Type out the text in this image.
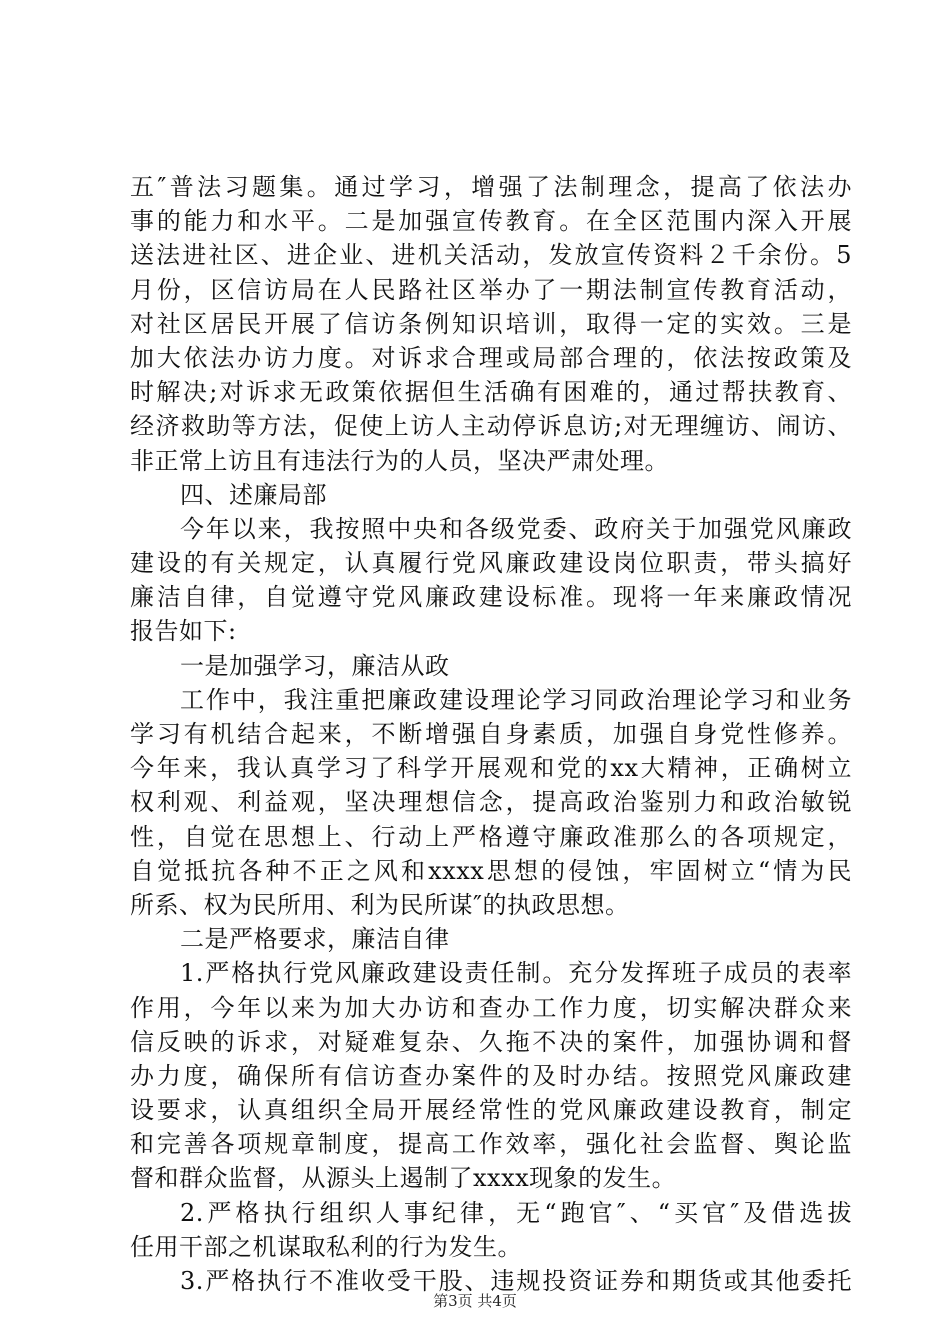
五″普法习题集。通过学习，增强了法制理念，提高了依法办
事的能力和水平。二是加强宣传教育。在全区范围内深入开展
送法进社区、进企业、进机关活动，发放宣传资料２千余份。5
月份，区信访局在人民路社区举办了一期法制宣传教育活动，
对社区居民开展了信访条例知识培训，取得一定的实效。三是
加大依法办访力度。对诉求合理或局部合理的，依法按政策及
时解决;对诉求无政策依据但生活确有困难的，通过帮扶教育、
经济救助等方法，促使上访人主动停诉息访;对无理缠访、闹访、
非正常上访且有违法行为的人员，坚决严肃处理。
四、述廉局部
今年以来，我按照中央和各级党委、政府关于加强党风廉政
建设的有关规定，认真履行党风廉政建设岗位职责，带头搞好
廉洁自律，自觉遵守党风廉政建设标准。现将一年来廉政情况
报告如下:
一是加强学习，廉洁从政
工作中，我注重把廉政建设理论学习同政治理论学习和业务
学习有机结合起来，不断增强自身素质，加强自身党性修养。
今年来，我认真学习了科学开展观和党的xx大精神，正确树立
权利观、利益观，坚决理想信念，提高政治鉴别力和政治敏锐
性，自觉在思想上、行动上严格遵守廉政准那么的各项规定，
自觉抵抗各种不正之风和xxxx思想的侵蚀，牢固树立“情为民
所系、权为民所用、利为民所谋″的执政思想。
二是严格要求，廉洁自律
1.严格执行党风廉政建设责任制。充分发挥班子成员的表率
作用，今年以来为加大办访和查办工作力度，切实解决群众来
信反映的诉求，对疑难复杂、久拖不决的案件，加强协调和督
办力度，确保所有信访查办案件的及时办结。按照党风廉政建
设要求，认真组织全局开展经常性的党风廉政建设教育，制定
和完善各项规章制度，提高工作效率，强化社会监督、舆论监
督和群众监督，从源头上遏制了xxxx现象的发生。
2.严格执行组织人事纪律，无“跑官″、“买官″及借选拔
任用干部之机谋取私利的行为发生。
3.严格执行不准收受干股、违规投资证券和期货或其他委托
第3页 共4页
